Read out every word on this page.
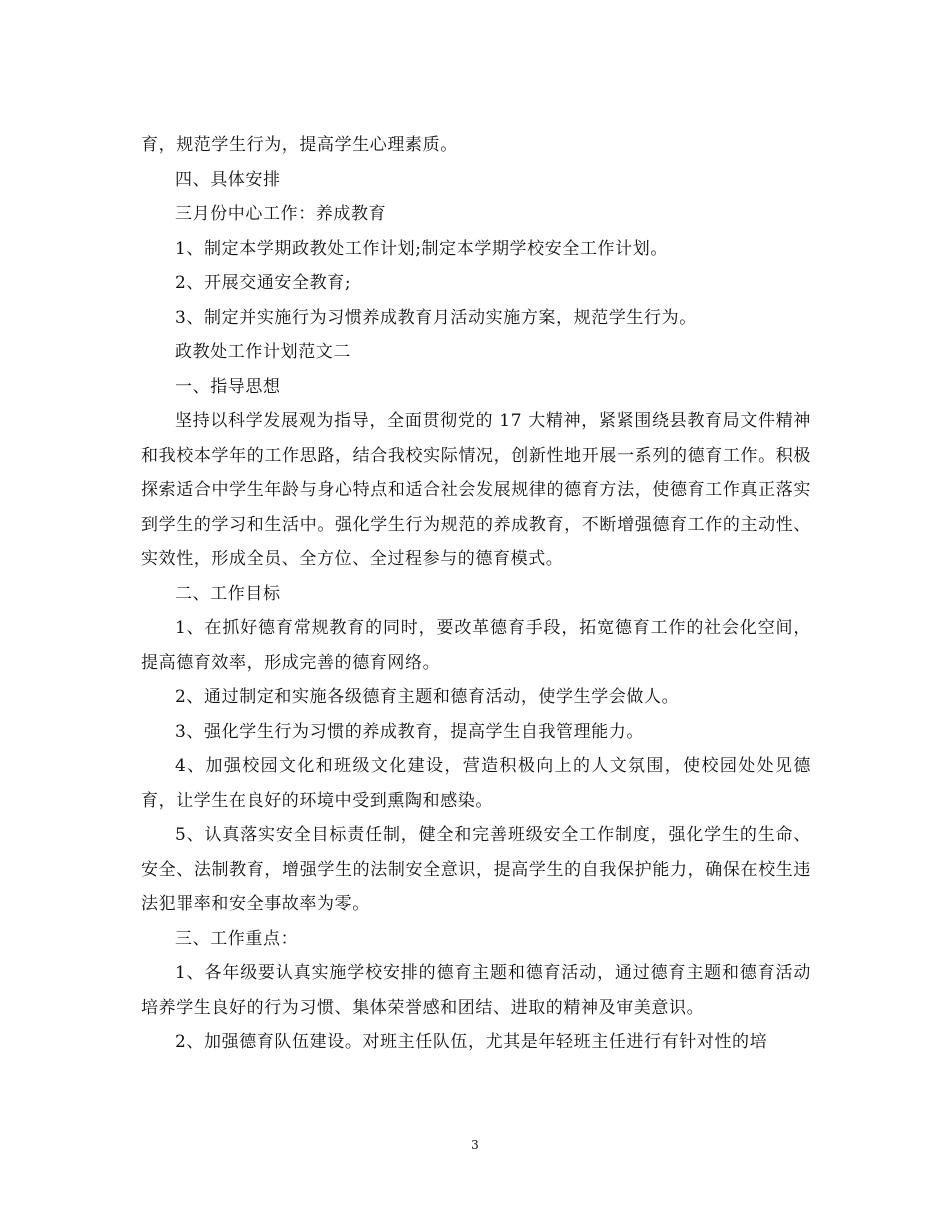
育，规范学生行为，提高学生心理素质。

四、具体安排

三月份中心工作：养成教育

1、制定本学期政教处工作计划;制定本学期学校安全工作计划。

2、开展交通安全教育;

3、制定并实施行为习惯养成教育月活动实施方案，规范学生行为。

政教处工作计划范文二

一、指导思想

坚持以科学发展观为指导，全面贯彻党的 17 大精神，紧紧围绕县教育局文件精神和我校本学年的工作思路，结合我校实际情况，创新性地开展一系列的德育工作。积极探索适合中学生年龄与身心特点和适合社会发展规律的德育方法，使德育工作真正落实到学生的学习和生活中。强化学生行为规范的养成教育，不断增强德育工作的主动性、实效性，形成全员、全方位、全过程参与的德育模式。

二、工作目标

1、在抓好德育常规教育的同时，要改革德育手段，拓宽德育工作的社会化空间，提高德育效率，形成完善的德育网络。

2、通过制定和实施各级德育主题和德育活动，使学生学会做人。

3、强化学生行为习惯的养成教育，提高学生自我管理能力。

4、加强校园文化和班级文化建设，营造积极向上的人文氛围，使校园处处见德育，让学生在良好的环境中受到熏陶和感染。

5、认真落实安全目标责任制，健全和完善班级安全工作制度，强化学生的生命、安全、法制教育，增强学生的法制安全意识，提高学生的自我保护能力，确保在校生违法犯罪率和安全事故率为零。

三、工作重点：

1、各年级要认真实施学校安排的德育主题和德育活动，通过德育主题和德育活动培养学生良好的行为习惯、集体荣誉感和团结、进取的精神及审美意识。

2、加强德育队伍建设。对班主任队伍，尤其是年轻班主任进行有针对性的培

3
